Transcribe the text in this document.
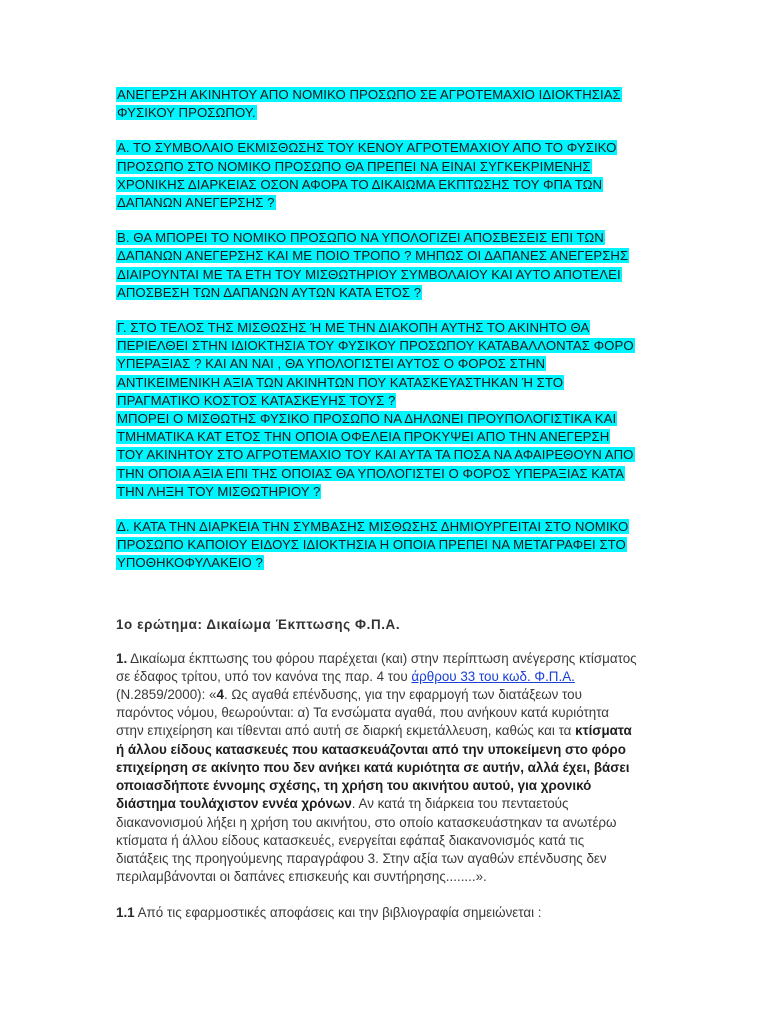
ΑΝΕΓΕΡΣΗ ΑΚΙΝΗΤΟΥ ΑΠΟ ΝΟΜΙΚΟ ΠΡΟΣΩΠΟ ΣΕ ΑΓΡΟΤΕΜΑΧΙΟ ΙΔΙΟΚΤΗΣΙΑΣ ΦΥΣΙΚΟΥ ΠΡΟΣΩΠΟΥ.

Α. ΤΟ ΣΥΜΒΟΛΑΙΟ ΕΚΜΙΣΘΩΣΗΣ ΤΟΥ ΚΕΝΟΥ ΑΓΡΟΤΕΜΑΧΙΟΥ ΑΠΟ ΤΟ ΦΥΣΙΚΟ ΠΡΟΣΩΠΟ ΣΤΟ ΝΟΜΙΚΟ ΠΡΟΣΩΠΟ ΘΑ ΠΡΕΠΕΙ ΝΑ ΕΙΝΑΙ ΣΥΓΚΕΚΡΙΜΕΝΗΣ ΧΡΟΝΙΚΗΣ ΔΙΑΡΚΕΙΑΣ ΟΣΟΝ ΑΦΟΡΑ ΤΟ ΔΙΚΑΙΩΜΑ ΕΚΠΤΩΣΗΣ ΤΟΥ ΦΠΑ ΤΩΝ ΔΑΠΑΝΩΝ ΑΝΕΓΕΡΣΗΣ ?

Β. ΘΑ ΜΠΟΡΕΙ ΤΟ ΝΟΜΙΚΟ ΠΡΟΣΩΠΟ ΝΑ ΥΠΟΛΟΓΙΖΕΙ ΑΠΟΣΒΕΣΕΙΣ ΕΠΙ ΤΩΝ ΔΑΠΑΝΩΝ ΑΝΕΓΕΡΣΗΣ ΚΑΙ ΜΕ ΠΟΙΟ ΤΡΟΠΟ ? ΜΗΠΩΣ ΟΙ ΔΑΠΑΝΕΣ ΑΝΕΓΕΡΣΗΣ ΔΙΑΙΡΟΥΝΤΑΙ ΜΕ ΤΑ ΕΤΗ ΤΟΥ ΜΙΣΘΩΤΗΡΙΟΥ ΣΥΜΒΟΛΑΙΟΥ ΚΑΙ ΑΥΤΟ ΑΠΟΤΕΛΕΙ ΑΠΟΣΒΕΣΗ ΤΩΝ ΔΑΠΑΝΩΝ ΑΥΤΩΝ ΚΑΤΑ ΕΤΟΣ ?

Γ. ΣΤΟ ΤΕΛΟΣ ΤΗΣ ΜΙΣΘΩΣΗΣ Ή ΜΕ ΤΗΝ ΔΙΑΚΟΠΗ ΑΥΤΗΣ ΤΟ ΑΚΙΝΗΤΟ ΘΑ ΠΕΡΙΕΛΘΕΙ ΣΤΗΝ ΙΔΙΟΚΤΗΣΙΑ ΤΟΥ ΦΥΣΙΚΟΥ ΠΡΟΣΩΠΟΥ ΚΑΤΑΒΑΛΛΟΝΤΑΣ ΦΟΡΟ ΥΠΕΡΑΞΙΑΣ ? ΚΑΙ ΑΝ ΝΑΙ , ΘΑ ΥΠΟΛΟΓΙΣΤΕΙ ΑΥΤΟΣ Ο ΦΟΡΟΣ ΣΤΗΝ ΑΝΤΙΚΕΙΜΕΝΙΚΗ ΑΞΙΑ ΤΩΝ ΑΚΙΝΗΤΩΝ ΠΟΥ ΚΑΤΑΣΚΕΥΑΣΤΗΚΑΝ Ή ΣΤΟ ΠΡΑΓΜΑΤΙΚΟ ΚΟΣΤΟΣ ΚΑΤΑΣΚΕΥΗΣ ΤΟΥΣ ?
ΜΠΟΡΕΙ Ο ΜΙΣΘΩΤΗΣ ΦΥΣΙΚΟ ΠΡΟΣΩΠΟ ΝΑ ΔΗΛΩΝΕΙ ΠΡΟΥΠΟΛΟΓΙΣΤΙΚΑ ΚΑΙ ΤΜΗΜΑΤΙΚΑ ΚΑΤ ΕΤΟΣ ΤΗΝ ΟΠΟΙΑ ΟΦΕΛΕΙΑ ΠΡΟΚΥΨΕΙ ΑΠΟ ΤΗΝ ΑΝΕΓΕΡΣΗ ΤΟΥ ΑΚΙΝΗΤΟΥ ΣΤΟ ΑΓΡΟΤΕΜΑΧΙΟ ΤΟΥ ΚΑΙ ΑΥΤΑ ΤΑ ΠΟΣΑ ΝΑ ΑΦΑΙΡΕΘΟΥΝ ΑΠΟ ΤΗΝ ΟΠΟΙΑ ΑΞΙΑ ΕΠΙ ΤΗΣ ΟΠΟΙΑΣ ΘΑ ΥΠΟΛΟΓΙΣΤΕΙ Ο ΦΟΡΟΣ ΥΠΕΡΑΞΙΑΣ ΚΑΤΑ ΤΗΝ ΛΗΞΗ ΤΟΥ ΜΙΣΘΩΤΗΡΙΟΥ ?

Δ. ΚΑΤΑ ΤΗΝ ΔΙΑΡΚΕΙΑ ΤΗΝ ΣΥΜΒΑΣΗΣ ΜΙΣΘΩΣΗΣ ΔΗΜΙΟΥΡΓΕΙΤΑΙ ΣΤΟ ΝΟΜΙΚΟ ΠΡΟΣΩΠΟ ΚΑΠΟΙΟΥ ΕΙΔΟΥΣ ΙΔΙΟΚΤΗΣΙΑ Η ΟΠΟΙΑ ΠΡΕΠΕΙ ΝΑ ΜΕΤΑΓΡΑΦΕΙ ΣΤΟ ΥΠΟΘΗΚΟΦΥΛΑΚΕΙΟ ?

1ο ερώτημα: Δικαίωμα Έκπτωσης Φ.Π.Α.

1. Δικαίωμα έκπτωσης του φόρου παρέχεται (και) στην περίπτωση ανέγερσης κτίσματος σε έδαφος τρίτου, υπό τον κανόνα της παρ. 4 του άρθρου 33 του κωδ. Φ.Π.Α. (Ν.2859/2000): «4. Ως αγαθά επένδυσης, για την εφαρμογή των διατάξεων του παρόντος νόμου, θεωρούνται: α) Τα ενσώματα αγαθά, που ανήκουν κατά κυριότητα στην επιχείρηση και τίθενται από αυτή σε διαρκή εκμετάλλευση, καθώς και τα κτίσματα ή άλλου είδους κατασκευές που κατασκευάζονται από την υποκείμενη στο φόρο επιχείρηση σε ακίνητο που δεν ανήκει κατά κυριότητα σε αυτήν, αλλά έχει, βάσει οποιασδήποτε έννομης σχέσης, τη χρήση του ακινήτου αυτού, για χρονικό διάστημα τουλάχιστον εννέα χρόνων. Αν κατά τη διάρκεια του πενταετούς διακανονισμού λήξει η χρήση του ακινήτου, στο οποίο κατασκευάστηκαν τα ανωτέρω κτίσματα ή άλλου είδους κατασκευές, ενεργείται εφάπαξ διακανονισμός κατά τις διατάξεις της προηγούμενης παραγράφου 3. Στην αξία των αγαθών επένδυσης δεν περιλαμβάνονται οι δαπάνες επισκευής και συντήρησης........».

1.1 Από τις εφαρμοστικές αποφάσεις και την βιβλιογραφία σημειώνεται :
